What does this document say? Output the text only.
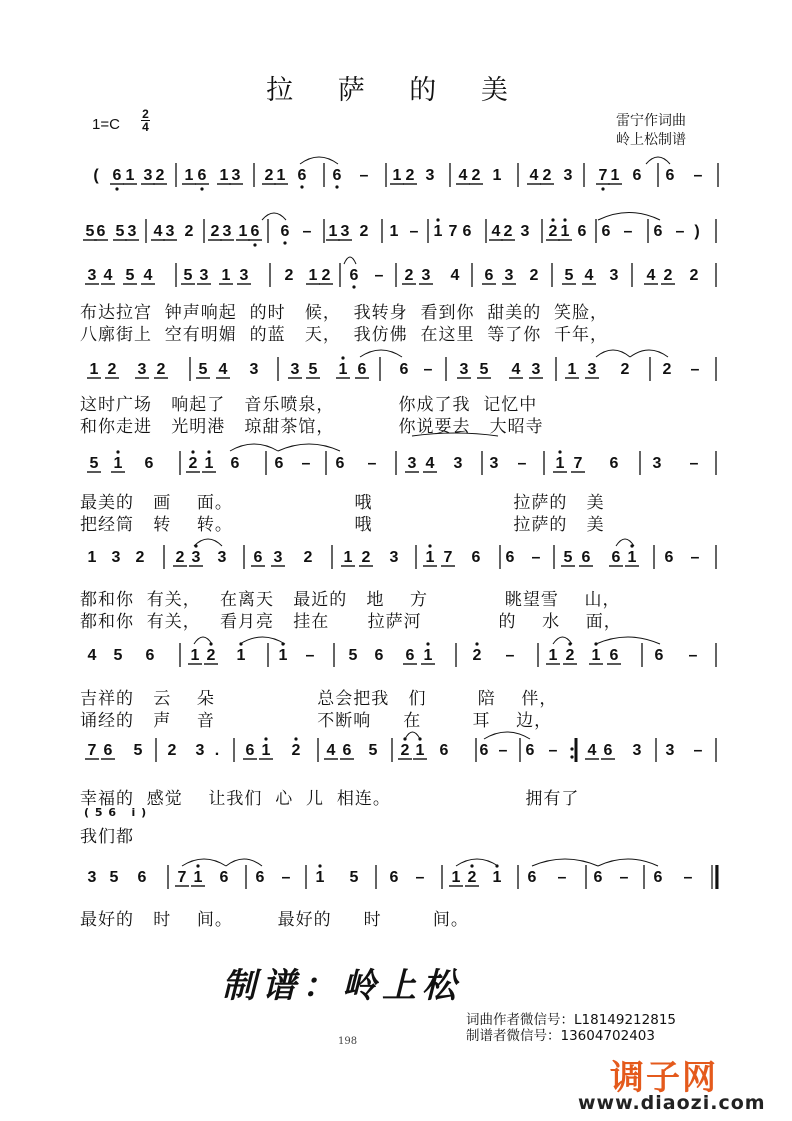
拉 萨 的 美
1=C
2
4	雷宁作词曲
岭上松制谱
( 6 1 3 2 1 6 1 3 2 1 6 6 – 1 2 3 4 2 1 4 2 3 7 1 6 6 –
5 6 5 3 4 3 2 2 3 1 6 6 – 1 3 2 1 – 1 7 6 4 2 3 2 1 6 6 – 6 – )
3 4 5 4 5 3 1 3 2 1 2 6 – 2 3 4 6 3 2 5 4 3 4 2 2
1 2 3 2 5 4 3 3 5 1 6 6 – 3 5 4 3 1 3 2 2 –
5 1 6 2 1 6 6 – 6 – 3 4 3 3 – 1 7 6 3 –
1 3 2 2 3 3 6 3 2 1 2 3 1 7 6 6 – 5 6 6 1 6 –
4 5 6 1 2 1 1 – 5 6 6 1	2 – 1 2 1 6 6 –
7 6 5 2 3 . 6 1 2 4 6 5 2 1 6 6 – 6 – 4 6 3 3 –
3 5 6 7 1 6 6 – 1 5 6 – 1 2 1 6 – 6 – 6 –
布达拉宫  钟声响起  的时   候，  我转身  看到你  甜美的  笑脸，
八廓街上  空有明媚  的蓝   天，  我仿佛  在这里  等了你  千年，
这时广场   响起了   音乐喷泉，          你成了我  记忆中
和你走进   光明港   琼甜茶馆，          你说要去   大昭寺
最美的   画    面。                   哦                      拉萨的   美
把经筒   转    转。                   哦                      拉萨的   美
都和你  有关，   在离天   最近的   地    方            眺望雪    山，
都和你  有关，   看月亮   挂在      拉萨河            的    水    面，
吉祥的   云    朵                总会把我   们        陪    伴，
诵经的   声    音                不断响     在        耳    边，
幸福的  感觉    让我们  心  儿  相连。                     拥有了
( 5 6   i )
我们都
最好的   时    间。       最好的     时        间。
制谱：岭上松
词曲作者微信号：L18149212815
制谱者微信号：13604702403
198
调子网
www.diaozi.com
